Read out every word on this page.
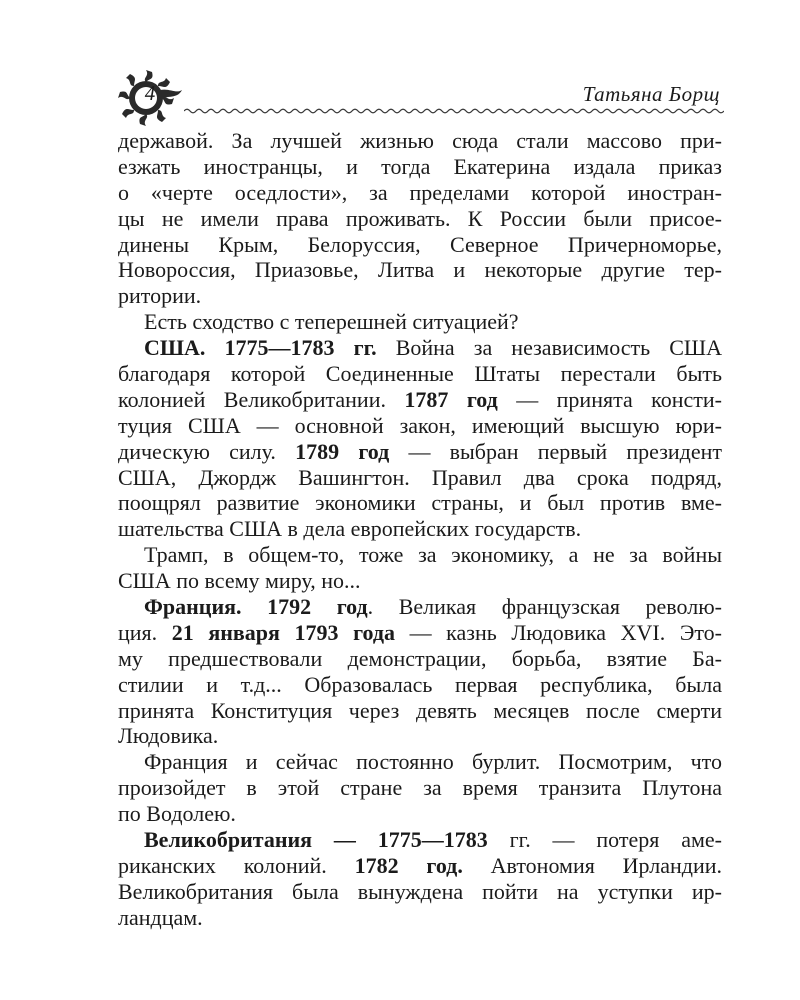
4	Татьяна Борщ
державой. За лучшей жизнью сюда стали массово при-
езжать иностранцы, и тогда Екатерина издала приказ
о «черте оседлости», за пределами которой иностран-
цы не имели права проживать. К России были присое-
динены Крым, Белоруссия, Северное Причерноморье,
Новороссия, Приазовье, Литва и некоторые другие тер-
ритории.
Есть сходство с теперешней ситуацией?
США. 1775—1783 гг. Война за независимость США
благодаря которой Соединенные Штаты перестали быть
колонией Великобритании. 1787 год — принята консти-
туция США — основной закон, имеющий высшую юри-
дическую силу. 1789 год — выбран первый президент
США, Джордж Вашингтон. Правил два срока подряд,
поощрял развитие экономики страны, и был против вме-
шательства США в дела европейских государств.
Трамп, в общем-то, тоже за экономику, а не за войны
США по всему миру, но...
Франция. 1792 год. Великая французская револю-
ция. 21 января 1793 года — казнь Людовика XVI. Это-
му предшествовали демонстрации, борьба, взятие Ба-
стилии и т.д... Образовалась первая республика, была
принята Конституция через девять месяцев после смерти
Людовика.
Франция и сейчас постоянно бурлит. Посмотрим, что
произойдет в этой стране за время транзита Плутона
по Водолею.
Великобритания — 1775—1783 гг. — потеря аме-
риканских колоний. 1782 год. Автономия Ирландии.
Великобритания была вынуждена пойти на уступки ир-
ландцам.
